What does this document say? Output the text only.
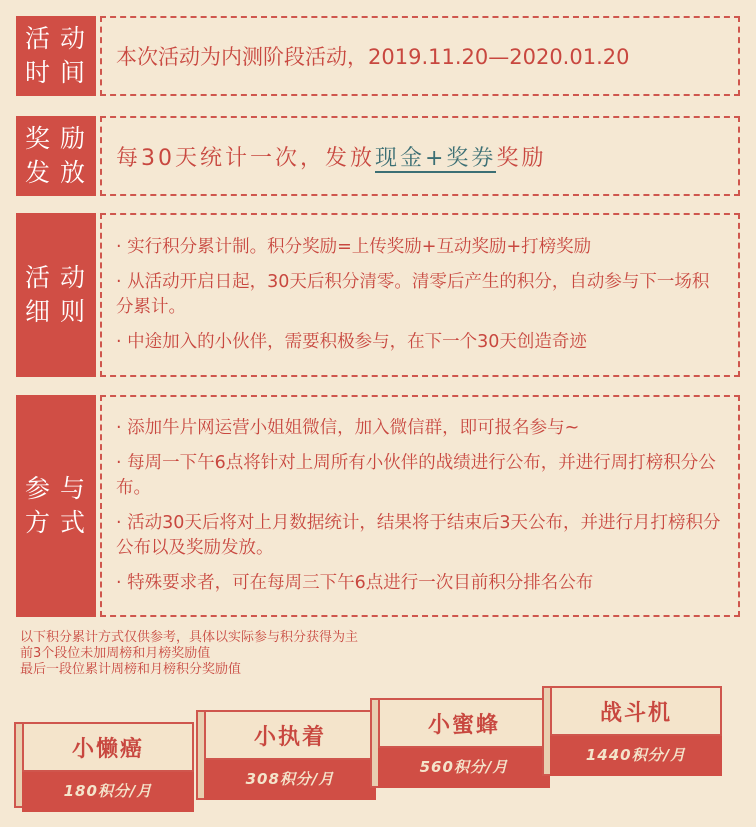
活动
时间
本次活动为内测阶段活动，2019.11.20—2020.01.20
奖励
发放 每30天统计一次，发放现金+奖券奖励
活动
细则
· 实行积分累计制。积分奖励=上传奖励+互动奖励+打榜奖励
· 从活动开启日起，30天后积分清零。清零后产生的积分，自动参与下一场积分累计。
· 中途加入的小伙伴，需要积极参与，在下一个30天创造奇迹
参与
方式
· 添加牛片网运营小姐姐微信，加入微信群，即可报名参与~
· 每周一下午6点将针对上周所有小伙伴的战绩进行公布，并进行周打榜积分公布。
· 活动30天后将对上月数据统计，结果将于结束后3天公布，并进行月打榜积分公布以及奖励发放。
· 特殊要求者，可在每周三下午6点进行一次目前积分排名公布
以下积分累计方式仅供参考，具体以实际参与积分获得为主
前3个段位未加周榜和月榜奖励值
最后一段位累计周榜和月榜积分奖励值
小懒癌
180积分/月
小执着
308积分/月
小蜜蜂
560积分/月
战斗机
1440积分/月
